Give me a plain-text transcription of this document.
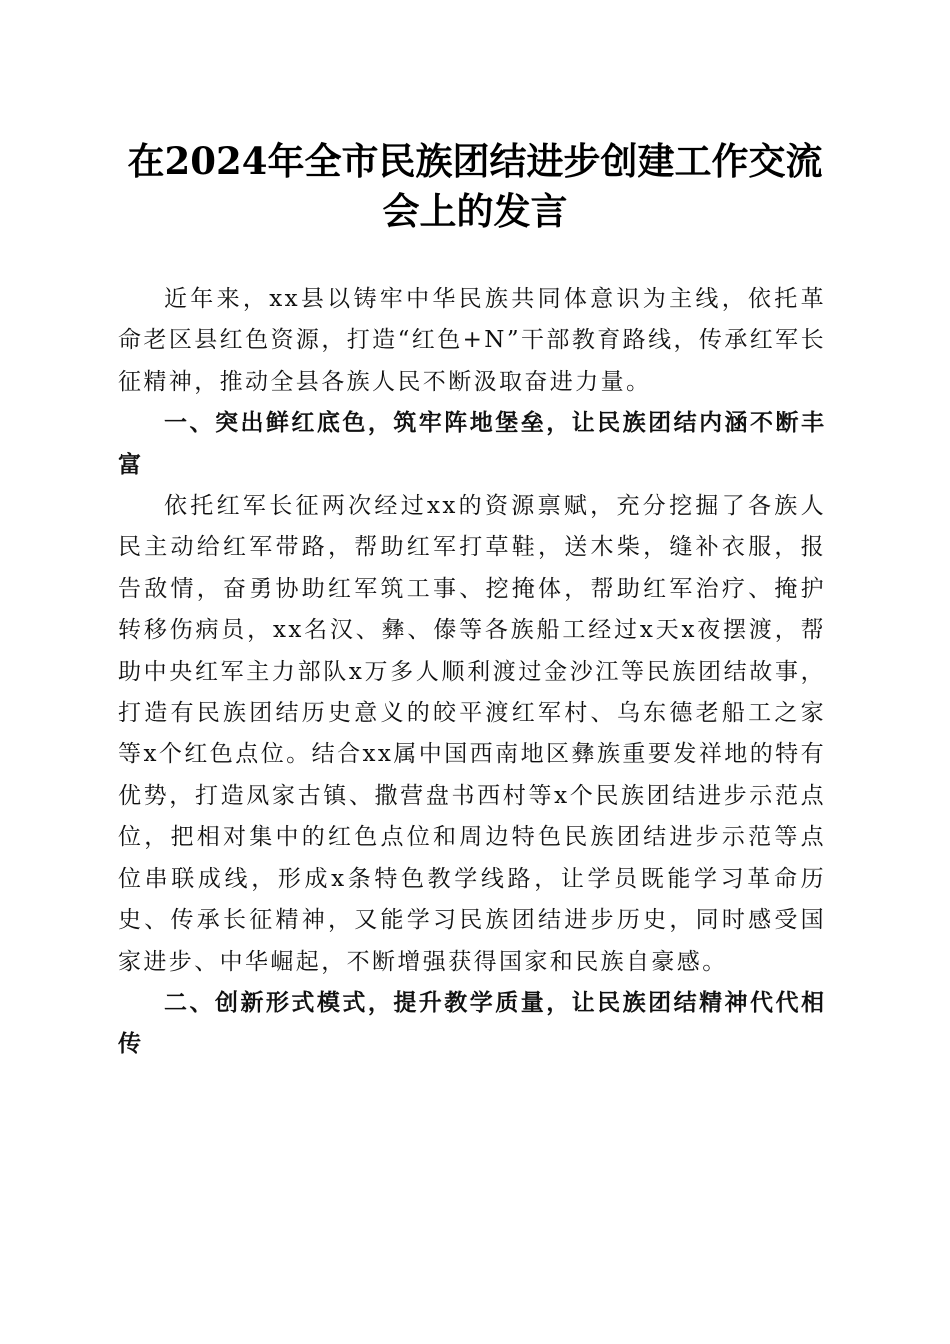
在2024年全市民族团结进步创建工作交流会上的发言

近年来，xx县以铸牢中华民族共同体意识为主线，依托革命老区县红色资源，打造“红色+N”干部教育路线，传承红军长征精神，推动全县各族人民不断汲取奋进力量。

一、突出鲜红底色，筑牢阵地堡垒，让民族团结内涵不断丰富

依托红军长征两次经过xx的资源禀赋，充分挖掘了各族人民主动给红军带路，帮助红军打草鞋，送木柴，缝补衣服，报告敌情，奋勇协助红军筑工事、挖掩体，帮助红军治疗、掩护转移伤病员，xx名汉、彝、傣等各族船工经过x天x夜摆渡，帮助中央红军主力部队x万多人顺利渡过金沙江等民族团结故事，打造有民族团结历史意义的皎平渡红军村、乌东德老船工之家等x个红色点位。结合xx属中国西南地区彝族重要发祥地的特有优势，打造凤家古镇、撒营盘书西村等x个民族团结进步示范点位，把相对集中的红色点位和周边特色民族团结进步示范等点位串联成线，形成x条特色教学线路，让学员既能学习革命历史、传承长征精神，又能学习民族团结进步历史，同时感受国家进步、中华崛起，不断增强获得国家和民族自豪感。

二、创新形式模式，提升教学质量，让民族团结精神代代相传
